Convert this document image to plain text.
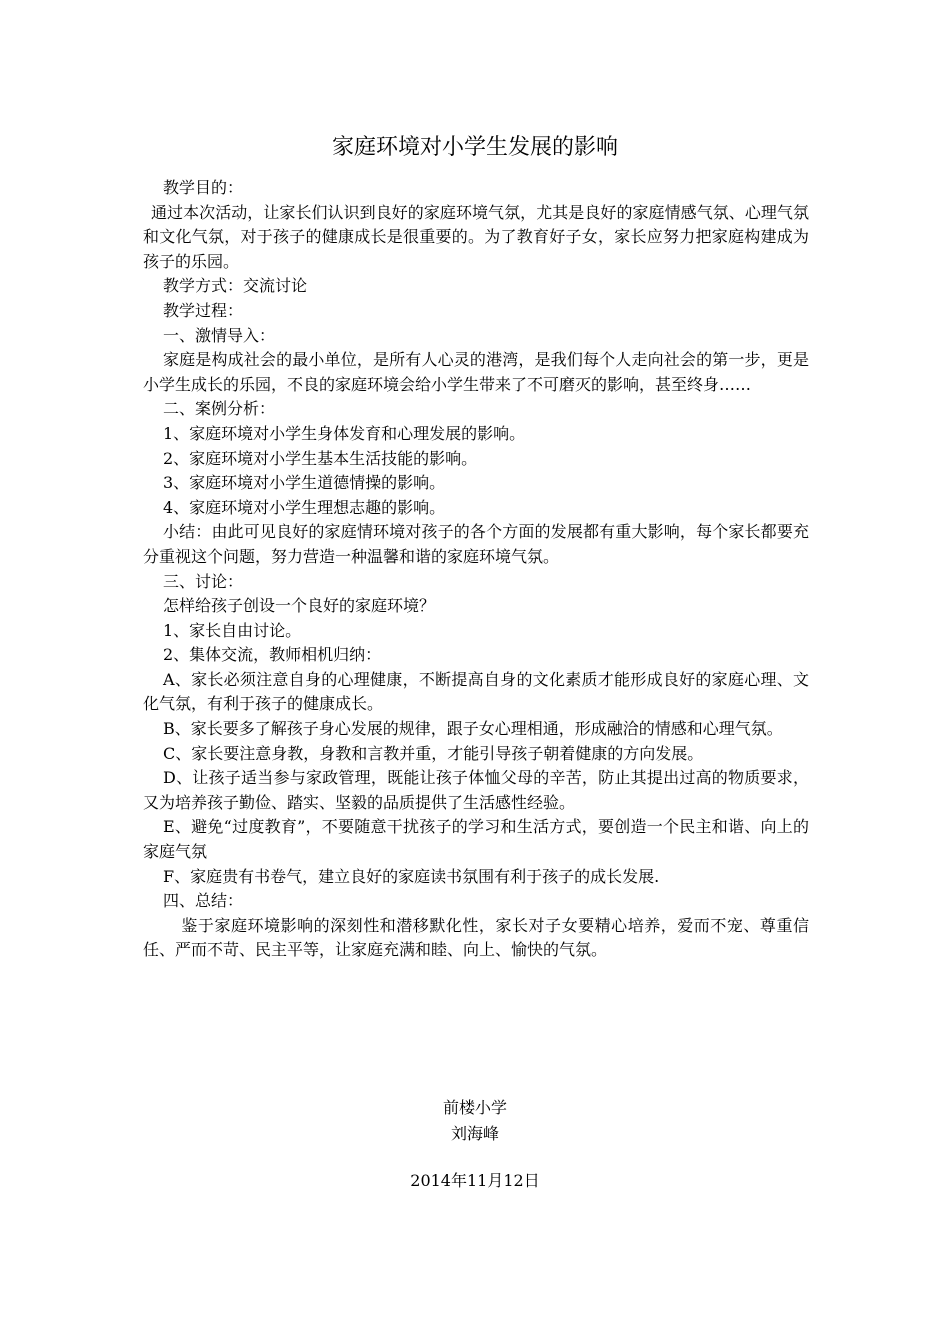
家庭环境对小学生发展的影响

教学目的：

通过本次活动，让家长们认识到良好的家庭环境气氛，尤其是良好的家庭情感气氛、心理气氛和文化气氛，对于孩子的健康成长是很重要的。为了教育好子女，家长应努力把家庭构建成为孩子的乐园。

教学方式：交流讨论

教学过程：

一、激情导入：

家庭是构成社会的最小单位，是所有人心灵的港湾，是我们每个人走向社会的第一步，更是小学生成长的乐园，不良的家庭环境会给小学生带来了不可磨灭的影响，甚至终身……

二、案例分析：

1、家庭环境对小学生身体发育和心理发展的影响。

2、家庭环境对小学生基本生活技能的影响。

3、家庭环境对小学生道德情操的影响。

4、家庭环境对小学生理想志趣的影响。

小结：由此可见良好的家庭情环境对孩子的各个方面的发展都有重大影响，每个家长都要充分重视这个问题，努力营造一种温馨和谐的家庭环境气氛。

三、讨论：

怎样给孩子创设一个良好的家庭环境？

1、家长自由讨论。

2、集体交流，教师相机归纳：

A、家长必须注意自身的心理健康，不断提高自身的文化素质才能形成良好的家庭心理、文化气氛，有利于孩子的健康成长。

B、家长要多了解孩子身心发展的规律，跟子女心理相通，形成融洽的情感和心理气氛。

C、家长要注意身教，身教和言教并重，才能引导孩子朝着健康的方向发展。

D、让孩子适当参与家政管理，既能让孩子体恤父母的辛苦，防止其提出过高的物质要求，又为培养孩子勤俭、踏实、坚毅的品质提供了生活感性经验。

E、避免“过度教育”，不要随意干扰孩子的学习和生活方式，要创造一个民主和谐、向上的家庭气氛

F、家庭贵有书卷气，建立良好的家庭读书氛围有利于孩子的成长发展.

四、总结：

鉴于家庭环境影响的深刻性和潜移默化性，家长对子女要精心培养，爱而不宠、尊重信任、严而不苛、民主平等，让家庭充满和睦、向上、愉快的气氛。

前楼小学
刘海峰
2014年11月12日
